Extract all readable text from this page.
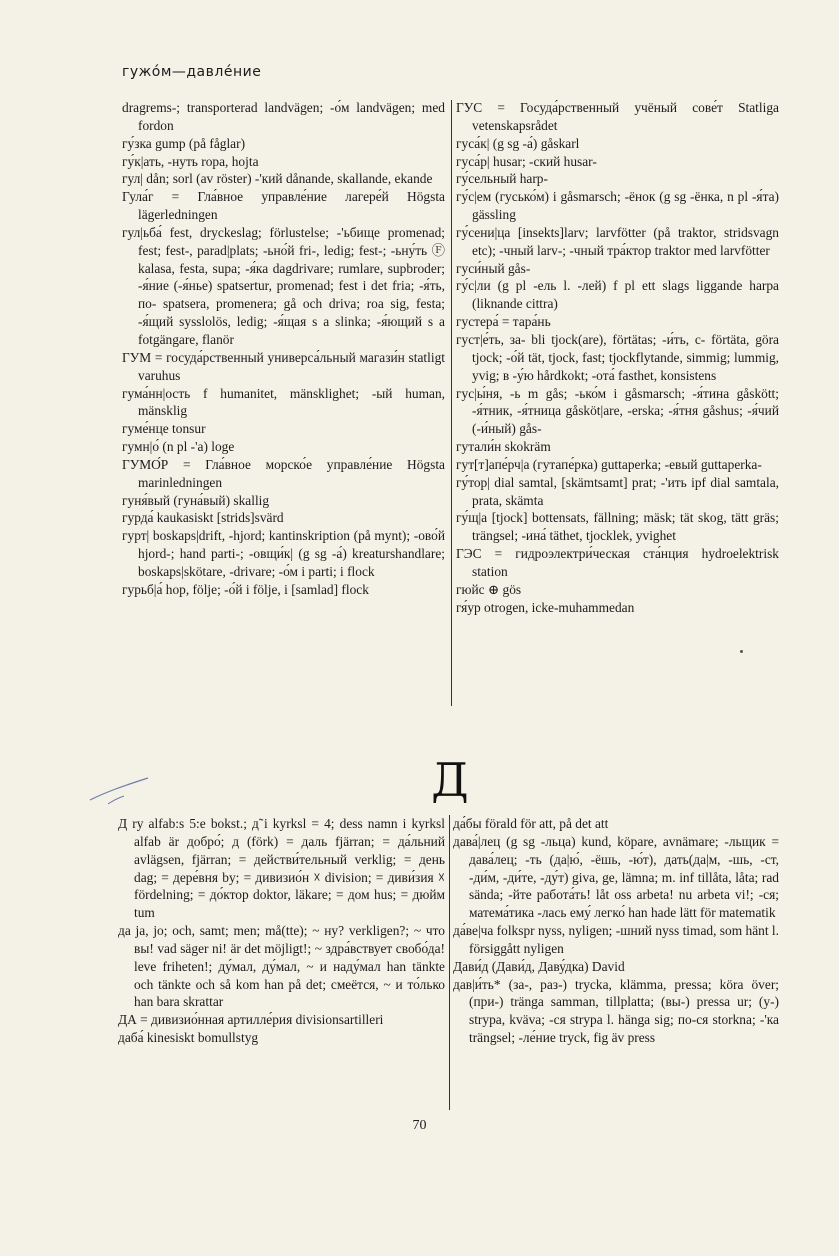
гужо́м—давле́ние
dragrems-; transporterad landvägen; -о́м landvägen; med fordon
гу́зка gump (på fåglar)
гу́к|ать, -нуть ropa, hojta
гул| dån; sorl (av röster) -'кий dånande, skallande, ekande
Гула́г = Гла́вное управле́ние лагере́й Högsta lägerledningen
гул|ьба́ fest, dryckeslag; förlustelse; -'ьбище promenad; fest; fest-, parad|plats; -ьно́й fri-, ledig; fest-; -ьну́ть Ⓕ kalasa, festa, supa; -я́ка dagdrivare; rumlare, supbroder; -я́ние (-я́нье) spatsertur, promenad; fest i det fria; -я́ть, по- spatsera, promenera; gå och driva; roa sig, festa; -я́щий sysslolös, ledig; -я́щая s a slinka; -я́ющий s a fotgängare, flanör
ГУМ = госуда́рственный универса́льный магази́н statligt varuhus
гума́нн|ость f humanitet, mänsklighet; -ый human, mänsklig
гуме́нце tonsur
гумн|о́ (n pl -'а) loge
ГУМО́Р = Гла́вное морско́е управле́ние Högsta marinledningen
гуня́вый (гуна́вый) skallig
гурда́ kaukasiskt [strids]svärd
гурт| boskaps|drift, -hjord; kantinskription (på mynt); -ово́й hjord-; hand parti-; -овщи́к| (g sg -а́) kreaturshandlare; boskaps|skötare, -drivare; -о́м i parti; i flock
гурьб|а́ hop, följe; -о́й i följe, i [samlad] flock
ГУС = Госуда́рственный учёный сове́т Statliga vetenskapsrådet
гуса́к| (g sg -а́) gåskarl
гуса́р| husar; -ский husar-
гу́сельный harp-
гу́с|ем (гусько́м) i gåsmarsch; -ёнок (g sg -ёнка, n pl -я́та) gässling
гу́сени|ца [insekts]larv; larvfötter (på traktor, stridsvagn etc); -чный larv-; -чный тра́ктор traktor med larvfötter
гуси́ный gås-
гу́с|ли (g pl -ель l. -лей) f pl ett slags liggande harpa (liknande cittra)
густера́ = тара́нь
густ|е́ть, за- bli tjock(are), förtätas; -и́ть, с- förtäta, göra tjock; -о́й tät, tjock, fast; tjockflytande, simmig; lummig, yvig; в -у́ю hårdkokt; -ота́ fasthet, konsistens
гус|ы́ня, -ь m gås; -ько́м i gåsmarsch; -я́тина gåskött; -я́тник, -я́тница gåsköt|are, -erska; -я́тня gåshus; -я́чий (-и́ный) gås-
гутали́н skokräm
гут[т]апе́рч|а (гутапе́рка) guttaperka; -евый guttaperka-
гу́тор| dial samtal, [skämtsamt] prat; -'ить ipf dial samtala, prata, skämta
гу́щ|а [tjock] bottensats, fällning; mäsk; tät skog, tätt gräs; trängsel; -ина́ täthet, tjocklek, yvighet
ГЭС = гидроэлектри́ческая ста́нция hydroelektrisk station
гюйс ⊕ gös
гя́ур otrogen, icke-muhammedan
Д
Д ry alfab:s 5:e bokst.; д̃ i kyrksl = 4; dess namn i kyrksl alfab är добро́; д (förk) = даль fjärran; = да́льний avlägsen, fjärran; = действи́тельный verklig; = день dag; = дере́вня by; = дивизио́н ☓ division; = диви́зия ☓ fördelning; = до́ктор doktor, läkare; = дом hus; = дюйм tum
да ja, jo; och, samt; men; må(tte); ~ ну? verkligen?; ~ что вы! vad säger ni! är det möjligt!; ~ здра́вствует свобо́да! leve friheten!; ду́мал, ду́мал, ~ и наду́мал han tänkte och tänkte och så kom han på det; смеётся, ~ и то́лько han bara skrattar
ДА = дивизио́нная артилле́рия divisionsartilleri
даба́ kinesiskt bomullstyg
да́бы förald för att, på det att
дава́|лец (g sg -льца) kund, köpare, avnämare; -льщик = дава́лец; -ть (да|ю́, -ёшь, -ю́т), дать(да|м, -шь, -ст, -ди́м, -ди́те, -ду́т) giva, ge, lämna; m. inf tillåta, låta; rad sända; -йте работа́ть! låt oss arbeta! nu arbeta vi!; -ся; матема́тика -лась ему́ легко́ han hade lätt för matematik
да́ве|ча folkspr nyss, nyligen; -шний nyss timad, som hänt l. försiggått nyligen
Дави́д (Дави́д, Даву́дка) David
дав|и́ть* (за-, раз-) trycka, klämma, pressa; köra över; (при-) tränga samman, tillplatta; (вы-) pressa ur; (у-) strypa, kväva; -ся strypa l. hänga sig; по-ся storkna; -'ка trängsel; -ле́ние tryck, fig äv press
70
